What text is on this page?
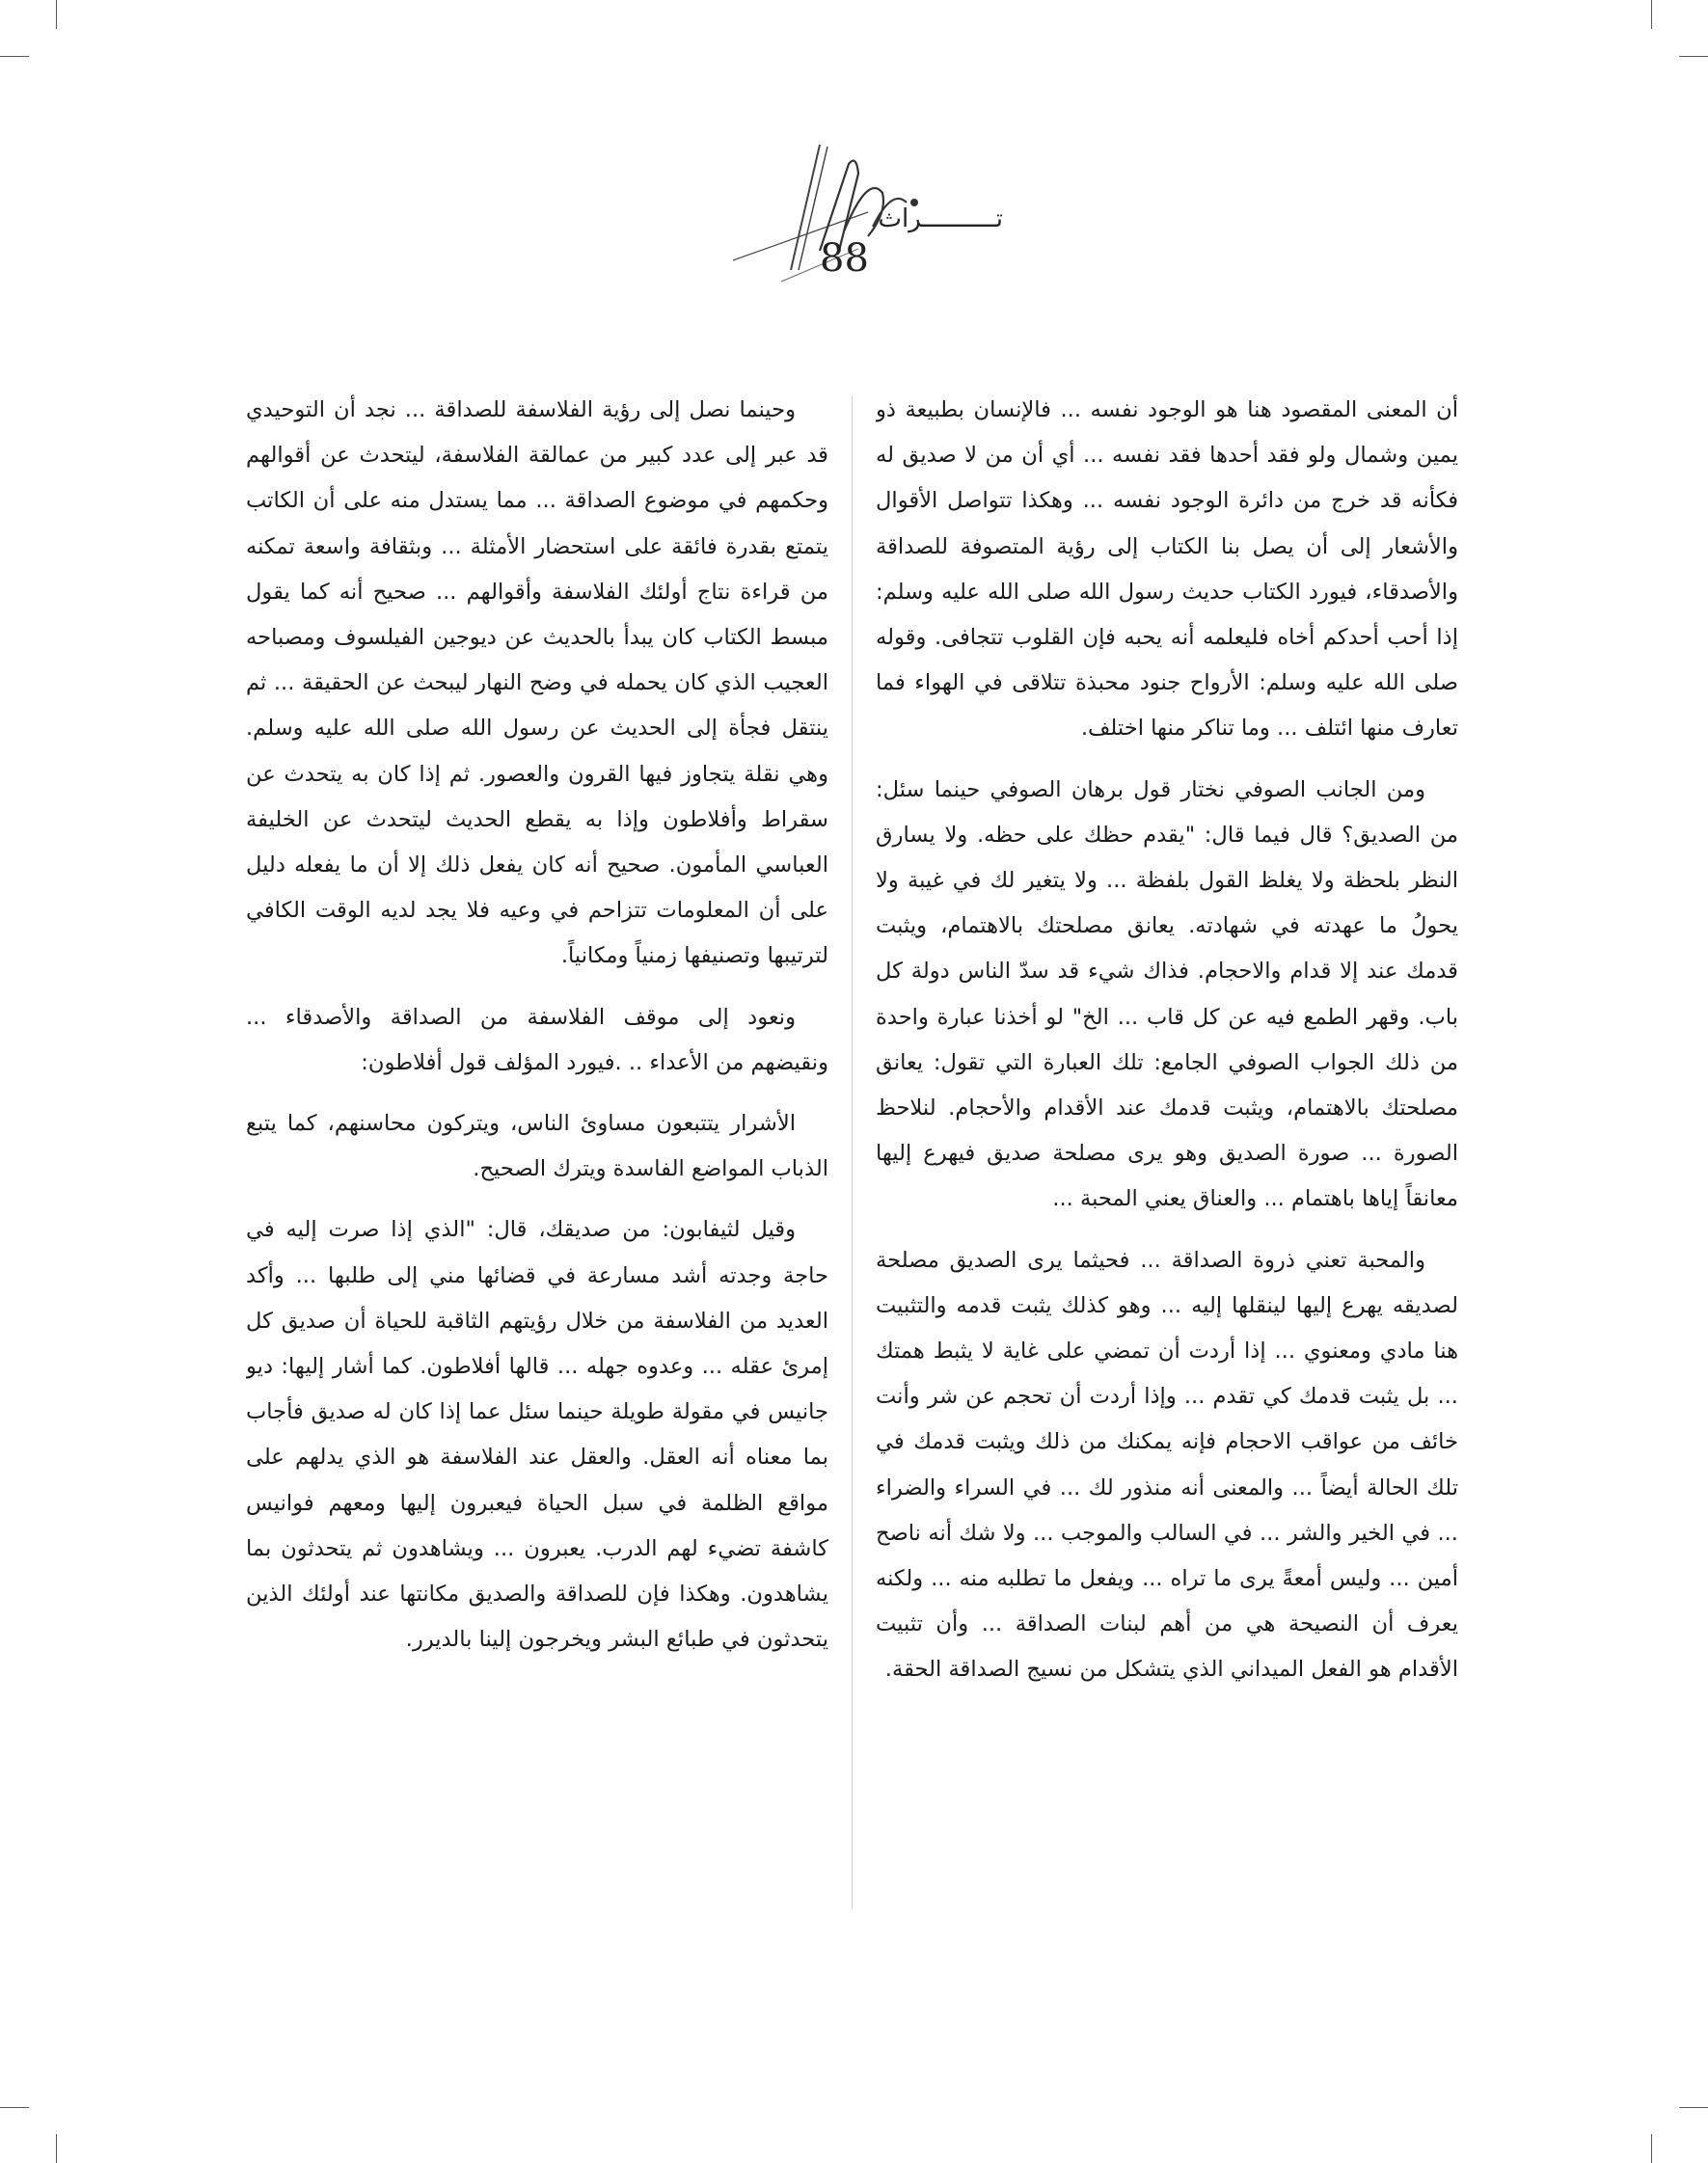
تــــــــــراث
88

أن المعنى المقصود هنا هو الوجود نفسه ... فالإنسان بطبيعة ذو يمين وشمال ولو فقد أحدها فقد نفسه ... أي أن من لا صديق له فكأنه قد خرج من دائرة الوجود نفسه ... وهكذا تتواصل الأقوال والأشعار إلى أن يصل بنا الكتاب إلى رؤية المتصوفة للصداقة والأصدقاء، فيورد الكتاب حديث رسول الله صلى الله عليه وسلم: إذا أحب أحدكم أخاه فليعلمه أنه يحبه فإن القلوب تتجافى. وقوله صلى الله عليه وسلم: الأرواح جنود محبذة تتلاقى في الهواء فما تعارف منها ائتلف ... وما تناكر منها اختلف.

ومن الجانب الصوفي نختار قول برهان الصوفي حينما سئل: من الصديق؟ قال فيما قال: "يقدم حظك على حظه. ولا يسارق النظر بلحظة ولا يغلظ القول بلفظة ... ولا يتغير لك في غيبة ولا يحولُ ما عهدته في شهادته. يعانق مصلحتك بالاهتمام، ويثبت قدمك عند إلا قدام والاحجام. فذاك شيء قد سدّ الناس دولة كل باب. وقهر الطمع فيه عن كل قاب ... الخ" لو أخذنا عبارة واحدة من ذلك الجواب الصوفي الجامع: تلك العبارة التي تقول: يعانق مصلحتك بالاهتمام، ويثبت قدمك عند الأقدام والأحجام. لنلاحظ الصورة ... صورة الصديق وهو يرى مصلحة صديق فيهرع إليها معانقاً إياها باهتمام ... والعناق يعني المحبة ...

والمحبة تعني ذروة الصداقة ... فحيثما يرى الصديق مصلحة لصديقه يهرع إليها لينقلها إليه ... وهو كذلك يثبت قدمه والتثبيت هنا مادي ومعنوي ... إذا أردت أن تمضي على غاية لا يثبط همتك ... بل يثبت قدمك كي تقدم ... وإذا أردت أن تحجم عن شر وأنت خائف من عواقب الاحجام فإنه يمكنك من ذلك ويثبت قدمك في تلك الحالة أيضاً ... والمعنى أنه منذور لك ... في السراء والضراء ... في الخير والشر ... في السالب والموجب ... ولا شك أنه ناصح أمين ... وليس أمعةً يرى ما تراه ... ويفعل ما تطلبه منه ... ولكنه يعرف أن النصيحة هي من أهم لبنات الصداقة ... وأن تثبيت الأقدام هو الفعل الميداني الذي يتشكل من نسيج الصداقة الحقة.

وحينما نصل إلى رؤية الفلاسفة للصداقة ... نجد أن التوحيدي قد عبر إلى عدد كبير من عمالقة الفلاسفة، ليتحدث عن أقوالهم وحكمهم في موضوع الصداقة ... مما يستدل منه على أن الكاتب يتمتع بقدرة فائقة على استحضار الأمثلة ... وبثقافة واسعة تمكنه من قراءة نتاج أولئك الفلاسفة وأقوالهم ... صحيح أنه كما يقول مبسط الكتاب كان يبدأ بالحديث عن ديوجين الفيلسوف ومصباحه العجيب الذي كان يحمله في وضح النهار ليبحث عن الحقيقة ... ثم ينتقل فجأة إلى الحديث عن رسول الله صلى الله عليه وسلم. وهي نقلة يتجاوز فيها القرون والعصور. ثم إذا كان به يتحدث عن سقراط وأفلاطون وإذا به يقطع الحديث ليتحدث عن الخليفة العباسي المأمون. صحيح أنه كان يفعل ذلك إلا أن ما يفعله دليل على أن المعلومات تتزاحم في وعيه فلا يجد لديه الوقت الكافي لترتيبها وتصنيفها زمنياً ومكانياً.

ونعود إلى موقف الفلاسفة من الصداقة والأصدقاء ... ونقيضهم من الأعداء .. .فيورد المؤلف قول أفلاطون:

الأشرار يتتبعون مساوئ الناس، ويتركون محاسنهم، كما يتبع الذباب المواضع الفاسدة ويترك الصحيح.

وقيل لثيفابون: من صديقك، قال: "الذي إذا صرت إليه في حاجة وجدته أشد مسارعة في قضائها مني إلى طلبها ... وأكد العديد من الفلاسفة من خلال رؤيتهم الثاقبة للحياة أن صديق كل إمرئ عقله ... وعدوه جهله ... قالها أفلاطون. كما أشار إليها: ديو جانيس في مقولة طويلة حينما سئل عما إذا كان له صديق فأجاب بما معناه أنه العقل. والعقل عند الفلاسفة هو الذي يدلهم على مواقع الظلمة في سبل الحياة فيعبرون إليها ومعهم فوانيس كاشفة تضيء لهم الدرب. يعبرون ... ويشاهدون ثم يتحدثون بما يشاهدون. وهكذا فإن للصداقة والصديق مكانتها عند أولئك الذين يتحدثون في طبائع البشر ويخرجون إلينا بالديرر.
